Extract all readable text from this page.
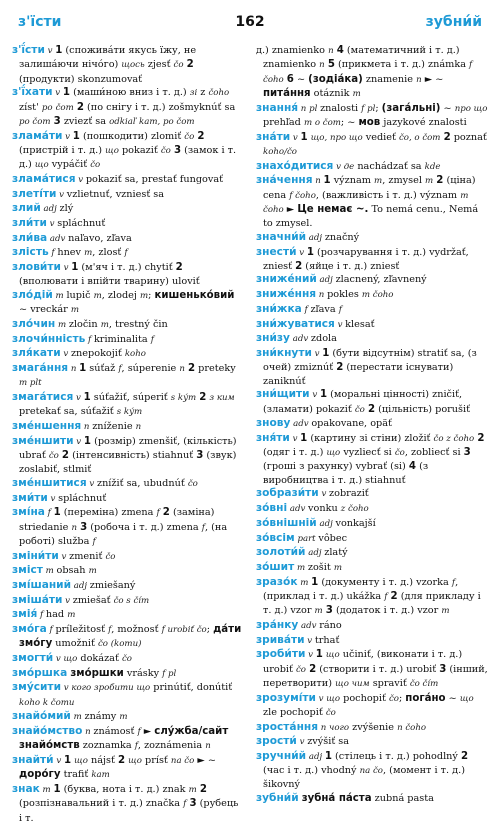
з'їсти	162	зубни́й

з'ї́сти v 1 (спожива́ти якусь їжу, не залиша́ючи нічо́го) щось zjesť čo 2 (продукти) skonzumovať

з'ї́хати v 1 (маши́ною вниз і т. д.) зі z čoho zíst' po čom 2 (по снігу і т. д.) zošmyknúť sa po čom 3 zviezť sa odkiaľ kam, po čom

злама́ти v 1 (пошкодити) zlomiť čo 2 (пристрій і т. д.) що pokaziť čo 3 (замок і т. д.) що vypáčiť čo

злама́тися v pokaziť sa, prestať fungovať

злеті́ти v vzlietnuť, vzniesť sa

злий adj zlý

зли́ти v spláchnuť

зли́ва adv naľavo, zľava

злість f hnev m, zlosť f

злови́ти v 1 (м'яч і т. д.) chytiť 2 (вполювати і впійти тварину) uloviť

зло́дій m lupič m, zlodej m; кишенько́вий ~ vreckár m

зло́чин m zločin m, trestný čin

злочи́нність f kriminalita f

зля́кати v znepokojiť koho

змага́ння n 1 súťaž f, súperenie n 2 preteky m plt

змага́тися v 1 súťažiť, súperiť s kým 2 з ким pretekať sa, súťažiť s kým

зме́ншення n zníženie n

зме́ншити v 1 (розмір) zmenšiť, (кількість) ubrať čo 2 (інтенсивність) stiahnuť 3 (звук) zoslabiť, stlmiť

зме́ншитися v znížiť sa, ubudnúť čo

зми́ти v spláchnuť

змі́на f 1 (переміна) zmena f 2 (заміна) striedanie n 3 (робоча і т. д.) zmena f, (на роботі) služba f

зміни́ти v zmeniť čo

зміст m obsah m

змі́шаний adj zmiešaný

зміша́ти v zmiešať čo s čím

змія́ f had m

змо́га f príležitosť f, možnosť f urobiť čo; да́ти змо́гу umožniť čo (komu)

змогти́ v що dokázať čo

змо́ршка змо́ршки vrásky f pl

зму́сити v кого зробити що prinútiť, donútiť koho k čomu

знайо́мий m známy m

знайо́мство n známosť f ► слу́жба/сайт знайо́мств zoznamka f, zoznámenia n

знайти́ v 1 що nájsť 2 що prísť na čo ► ~ доро́гу trafiť kam

знак m 1 (буква, нота і т. д.) znak m 2 (розпізнавальний і т. д.) značka f 3 (рубець і т.

д.) znamienko n 4 (математичний і т. д.) znamienko n 5 (прикмета і т. д.) známka f čoho 6 ~ (зодіа́ка) znamenie n ► ~ пита́ння otáznik m

знання́ n pl znalosti f pl; (зага́льні) ~ про що prehľad m o čom; ~ мов jazykové znalosti

зна́ти v 1 що, про що vedieť čo, o čom 2 poznať koho/čo

знахо́дитися v де nachádzať sa kde

зна́чення n 1 význam m, zmysel m 2 (ціна) cena f čoho, (важливість і т. д.) význam m čoho ► Це немає ~. To nemá cenu., Nemá to zmysel.

значни́й adj značný

знести́ v 1 (розчарування і т. д.) vydržať, zniesť 2 (яйце і т. д.) zniesť

зниже́ний adj zlacnený, zľavnený

знижéння n pokles m čoho

зни́жка f zľava f

зни́жуватися v klesať

зни́зу adv zdola

зни́кнути v 1 (бути відсутнім) stratiť sa, (з очей) zmiznúť 2 (перестати існувати) zaniknúť

зни́щити v 1 (моральні цінності) zničiť, (зламати) pokaziť čo 2 (цільність) porušiť

знову adv opakovane, opäť

зня́ти v 1 (картину зі стіни) zložiť čo z čoho 2 (одяг і т. д.) що vyzliecť si čo, zobliecť si 3 (гроші з рахунку) vybrať (si) 4 (з виробництва і т. д.) stiahnuť

зобрази́ти v zobraziť

зо́вні adv vonku z čoho

зо́внішній adj vonkajší

зо́всім part vôbec

золоти́й adj zlatý

зо́шит m zošit m

зразо́к m 1 (документу і т. д.) vzorka f, (приклад і т. д.) ukážka f 2 (для прикладу і т. д.) vzor m 3 (додаток і т. д.) vzor m

зра́нку adv ráno

зрива́ти v trhať

зроби́ти v 1 що učiniť, (виконати і т. д.) urobiť čo 2 (створити і т. д.) urobiť 3 (інший, перетворити) що чим spraviť čo čím

зрозумі́ти v що pochopiť čo; пога́но ~ що zle pochopiť čo

зроста́ння n чого zvýšenie n čoho

зрости́ v zvýšiť sa

зручни́й adj 1 (стілець і т. д.) pohodlný 2 (час і т. д.) vhodný na čo, (момент і т. д.) šikovný

зубни́й зубна́ па́ста zubná pasta
